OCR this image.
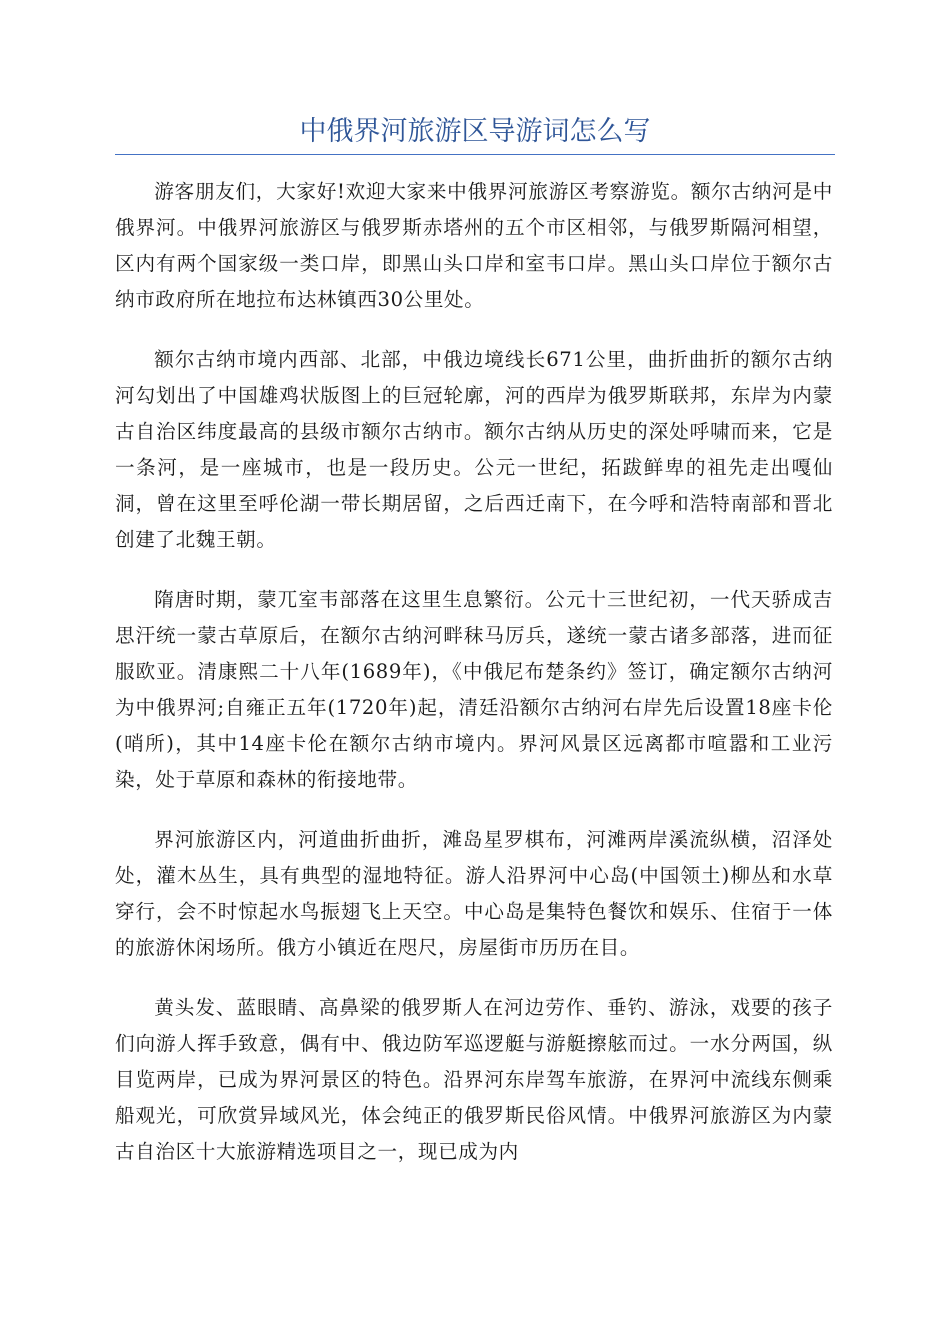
中俄界河旅游区导游词怎么写

游客朋友们，大家好!欢迎大家来中俄界河旅游区考察游览。额尔古纳河是中俄界河。中俄界河旅游区与俄罗斯赤塔州的五个市区相邻，与俄罗斯隔河相望，区内有两个国家级一类口岸，即黑山头口岸和室韦口岸。黑山头口岸位于额尔古纳市政府所在地拉布达林镇西30公里处。

额尔古纳市境内西部、北部，中俄边境线长671公里，曲折曲折的额尔古纳河勾划出了中国雄鸡状版图上的巨冠轮廓，河的西岸为俄罗斯联邦，东岸为内蒙古自治区纬度最高的县级市额尔古纳市。额尔古纳从历史的深处呼啸而来，它是一条河，是一座城市，也是一段历史。公元一世纪，拓跋鲜卑的祖先走出嘎仙洞，曾在这里至呼伦湖一带长期居留，之后西迁南下，在今呼和浩特南部和晋北创建了北魏王朝。

隋唐时期，蒙兀室韦部落在这里生息繁衍。公元十三世纪初，一代天骄成吉思汗统一蒙古草原后，在额尔古纳河畔秣马厉兵，遂统一蒙古诸多部落，进而征服欧亚。清康熙二十八年(1689年)，《中俄尼布楚条约》签订，确定额尔古纳河为中俄界河;自雍正五年(1720年)起，清廷沿额尔古纳河右岸先后设置18座卡伦(哨所)，其中14座卡伦在额尔古纳市境内。界河风景区远离都市喧嚣和工业污染，处于草原和森林的衔接地带。

界河旅游区内，河道曲折曲折，滩岛星罗棋布，河滩两岸溪流纵横，沼泽处处，灌木丛生，具有典型的湿地特征。游人沿界河中心岛(中国领土)柳丛和水草穿行，会不时惊起水鸟振翅飞上天空。中心岛是集特色餐饮和娱乐、住宿于一体的旅游休闲场所。俄方小镇近在咫尺，房屋街市历历在目。

黄头发、蓝眼睛、高鼻梁的俄罗斯人在河边劳作、垂钓、游泳，戏要的孩子们向游人挥手致意，偶有中、俄边防军巡逻艇与游艇擦舷而过。一水分两国，纵目览两岸，已成为界河景区的特色。沿界河东岸驾车旅游，在界河中流线东侧乘船观光，可欣赏异域风光，体会纯正的俄罗斯民俗风情。中俄界河旅游区为内蒙古自治区十大旅游精选项目之一，现已成为内
